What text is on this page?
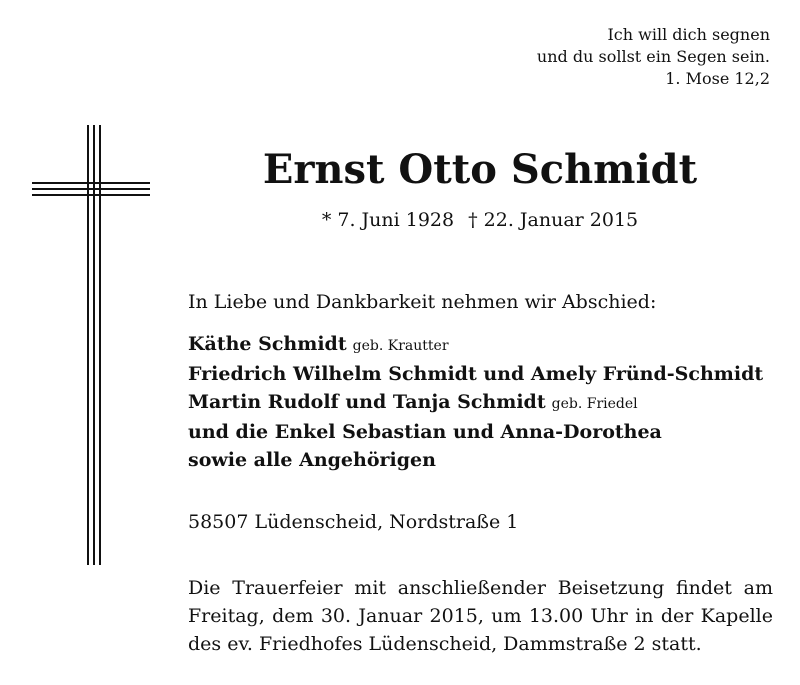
Ich will dich segnen
und du sollst ein Segen sein.
1. Mose 12,2
Ernst Otto Schmidt
* 7. Juni 1928 † 22. Januar 2015
In Liebe und Dankbarkeit nehmen wir Abschied:
Käthe Schmidt geb. Krautter
Friedrich Wilhelm Schmidt und Amely Fründ-Schmidt
Martin Rudolf und Tanja Schmidt geb. Friedel
und die Enkel Sebastian und Anna-Dorothea
sowie alle Angehörigen
58507 Lüdenscheid, Nordstraße 1
Die Trauerfeier mit anschließender Beisetzung findet am
Freitag, dem 30. Januar 2015, um 13.00 Uhr in der Kapelle
des ev. Friedhofes Lüdenscheid, Dammstraße 2 statt.
